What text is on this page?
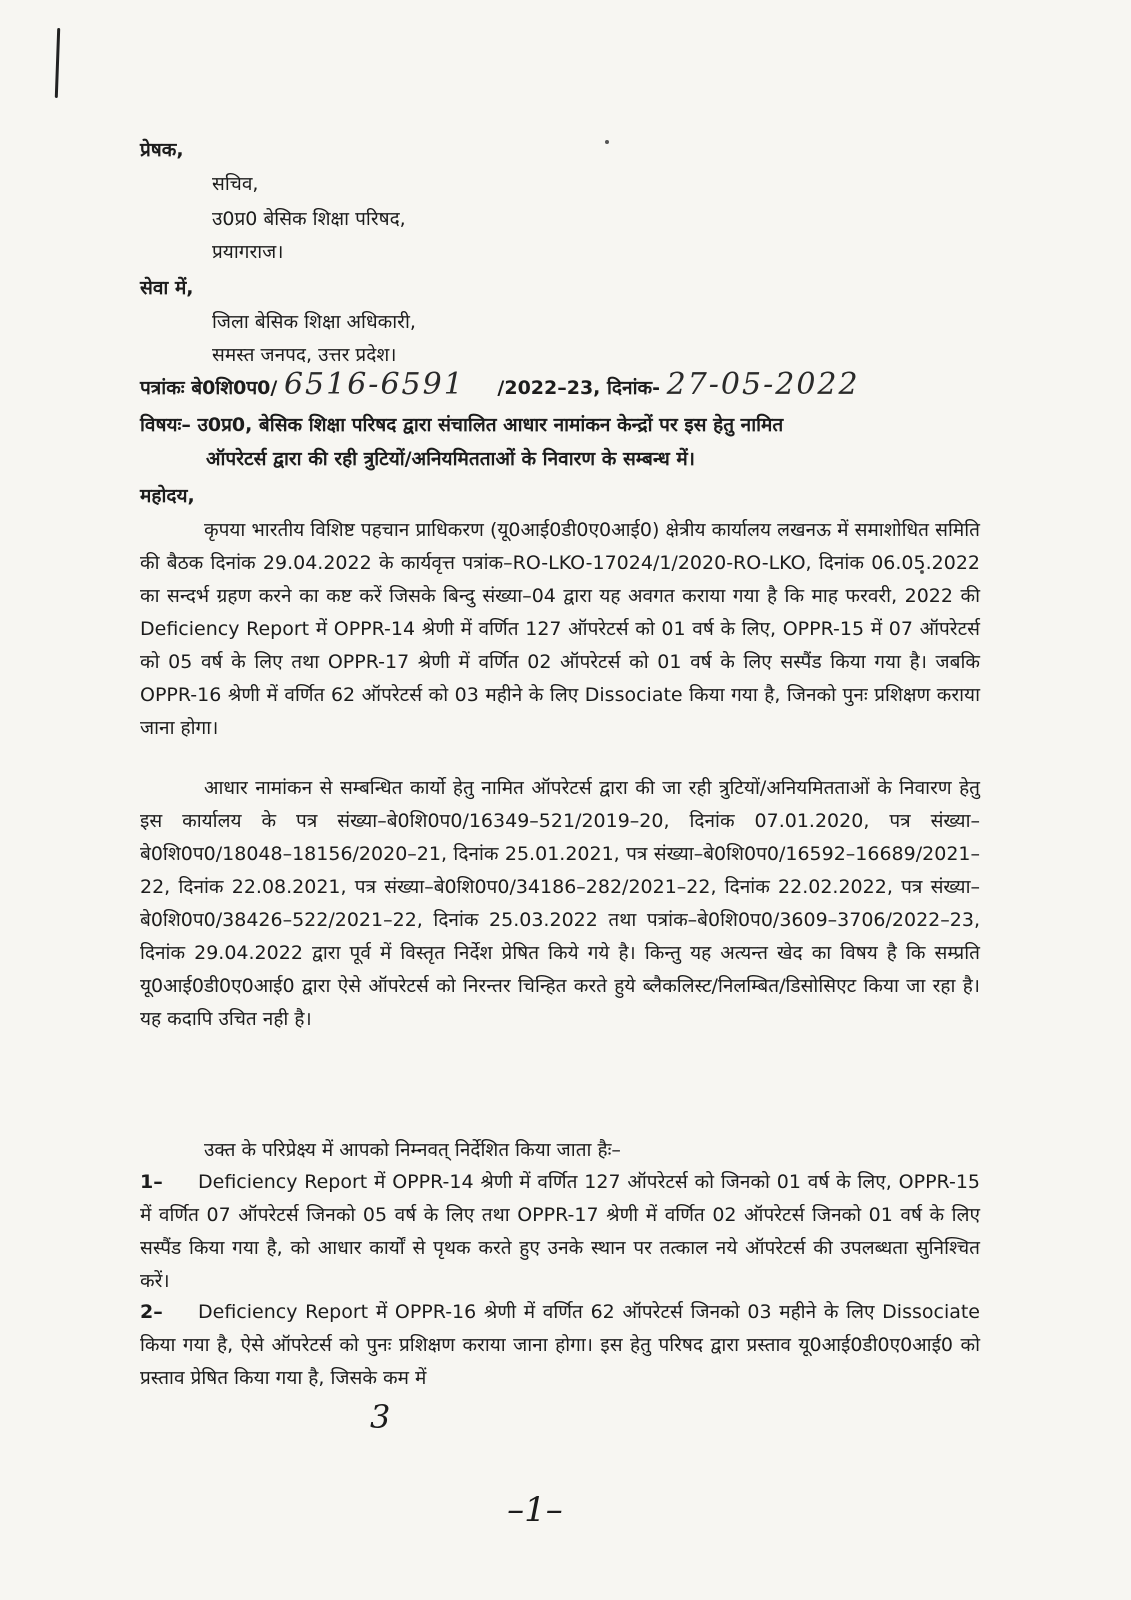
प्रेषक,
सचिव,
उ0प्र0 बेसिक शिक्षा परिषद,
प्रयागराज।
सेवा में,
जिला बेसिक शिक्षा अधिकारी,
समस्त जनपद, उत्तर प्रदेश।
पत्रांकः बे0शि0प0/ 6516-6591 /2022–23, दिनांक- 27-05-2022
विषयः– उ0प्र0, बेसिक शिक्षा परिषद द्वारा संचालित आधार नामांकन केन्द्रों पर इस हेतु नामित
ऑपरेटर्स द्वारा की रही त्रुटियों/अनियमितताओं के निवारण के सम्बन्ध में।
महोदय,
कृपया भारतीय विशिष्ट पहचान प्राधिकरण (यू0आई0डी0ए0आई0) क्षेत्रीय कार्यालय लखनऊ में समाशोधित समिति की बैठक दिनांक 29.04.2022 के कार्यवृत्त पत्रांक–RO-LKO-17024/1/2020-RO-LKO, दिनांक 06.05.2022 का सन्दर्भ ग्रहण करने का कष्ट करें जिसके बिन्दु संख्या–04 द्वारा यह अवगत कराया गया है कि माह फरवरी, 2022 की Deficiency Report में OPPR-14 श्रेणी में वर्णित 127 ऑपरेटर्स को 01 वर्ष के लिए, OPPR-15 में 07 ऑपरेटर्स को 05 वर्ष के लिए तथा OPPR-17 श्रेणी में वर्णित 02 ऑपरेटर्स को 01 वर्ष के लिए सस्पैंड किया गया है। जबकि OPPR-16 श्रेणी में वर्णित 62 ऑपरेटर्स को 03 महीने के लिए Dissociate किया गया है, जिनको पुनः प्रशिक्षण कराया जाना होगा।
आधार नामांकन से सम्बन्धित कार्यो हेतु नामित ऑपरेटर्स द्वारा की जा रही त्रुटियों/अनियमितताओं के निवारण हेतु इस कार्यालय के पत्र संख्या–बे0शि0प0/16349–521/2019–20, दिनांक 07.01.2020, पत्र संख्या–बे0शि0प0/18048–18156/2020–21, दिनांक 25.01.2021, पत्र संख्या–बे0शि0प0/16592–16689/2021–22, दिनांक 22.08.2021, पत्र संख्या–बे0शि0प0/34186–282/2021–22, दिनांक 22.02.2022, पत्र संख्या–बे0शि0प0/38426–522/2021–22, दिनांक 25.03.2022 तथा पत्रांक–बे0शि0प0/3609–3706/2022–23, दिनांक 29.04.2022 द्वारा पूर्व में विस्तृत निर्देश प्रेषित किये गये है। किन्तु यह अत्यन्त खेद का विषय है कि सम्प्रति यू0आई0डी0ए0आई0 द्वारा ऐसे ऑपरेटर्स को निरन्तर चिन्हित करते हुये ब्लैकलिस्ट/निलम्बित/डिसोसिएट किया जा रहा है। यह कदापि उचित नही है।
उक्त के परिप्रेक्ष्य में आपको निम्नवत् निर्देशित किया जाता हैः–
1– Deficiency Report में OPPR-14 श्रेणी में वर्णित 127 ऑपरेटर्स को जिनको 01 वर्ष के लिए, OPPR-15 में वर्णित 07 ऑपरेटर्स जिनको 05 वर्ष के लिए तथा OPPR-17 श्रेणी में वर्णित 02 ऑपरेटर्स जिनको 01 वर्ष के लिए सस्पैंड किया गया है, को आधार कार्यों से पृथक करते हुए उनके स्थान पर तत्काल नये ऑपरेटर्स की उपलब्धता सुनिश्चित करें।
2– Deficiency Report में OPPR-16 श्रेणी में वर्णित 62 ऑपरेटर्स जिनको 03 महीने के लिए Dissociate किया गया है, ऐसे ऑपरेटर्स को पुनः प्रशिक्षण कराया जाना होगा। इस हेतु परिषद द्वारा प्रस्ताव यू0आई0डी0ए0आई0 को प्रस्ताव प्रेषित किया गया है, जिसके कम में
3
–1–
